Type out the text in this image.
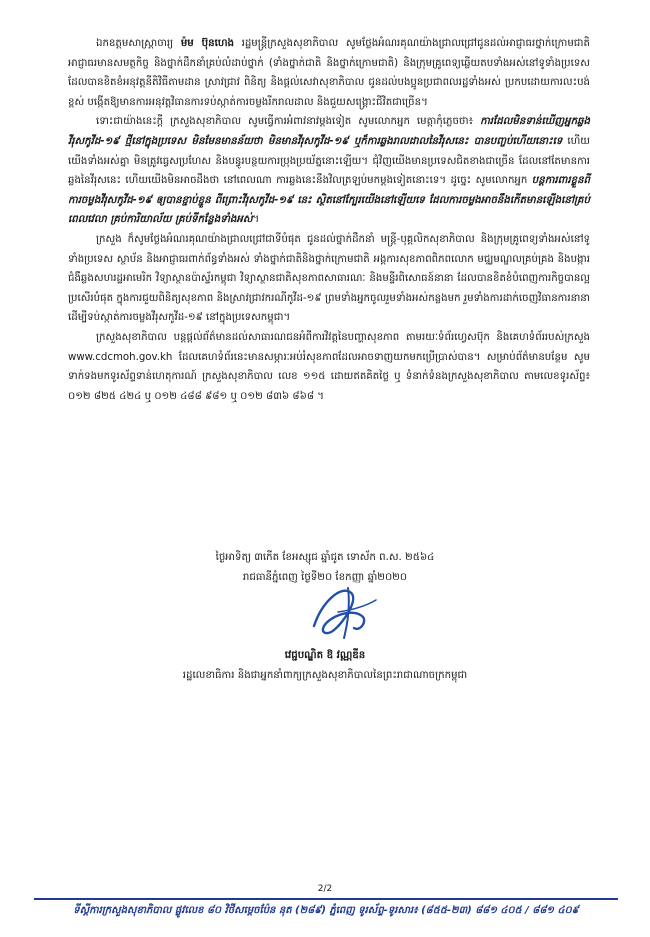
ឯកឧត្តមសាស្ត្រាចារ្យ ម៉ម ប៊ុនហេង រដ្ឋមន្ត្រីក្រសួងសុខាភិបាល សូមថ្លែងអំណរគុណយ៉ាងជ្រាលជ្រៅជូនដល់អាជ្ញាធរថ្នាក់ក្រោមជាតិ អាជ្ញាធរមានសមត្ថកិច្ច និងថ្នាក់ដឹកនាំគ្រប់លំដាប់ថ្នាក់ (ទាំងថ្នាក់ជាតិ និងថ្នាក់ក្រោមជាតិ) និងក្រុមគ្រូពេទ្យឆ្លើយតបទាំងអស់នៅទូទាំងប្រទេស ដែលបានខិតខំអនុវត្តនីតិវិធីតាមដាន ស្រាវជ្រាវ ពិនិត្យ និងផ្តល់សេវាសុខាភិបាល ជូនដល់បងប្អូនប្រជាពលរដ្ឋទាំងអស់ ប្រកបដោយការលះបង់ខ្ពស់ បង្កើតឱ្យមានការអនុវត្តវិធានការទប់ស្កាត់ការចម្លងរីករាលដាល និងជួយសង្គ្រោះជីវិតជាច្រើន។

ទោះជាយ៉ាងនេះក្តី ក្រសួងសុខាភិបាល សូមធ្វើការអំពាវនាវម្តងទៀត សូមលោកអ្នក មេត្តាកុំភ្លេចថា៖ ការដែលមិនទាន់ឃើញអ្នកឆ្លងវីរុសកូវីដ-១៩ ថ្មីនៅក្នុងប្រទេស មិនមែនមានន័យថា មិនមានវីរុសកូវីដ-១៩ ឬក៏ការឆ្លងរាលដាលនៃវីរុសនេះ បានបញ្ចប់ហើយនោះទេ ហើយយើងទាំងអស់គ្នា មិនត្រូវធ្វេសប្រហែស និងបន្ធូរបន្ថយការប្រុងប្រយ័ត្ននោះឡើយ។ ជុំវិញយើងមានប្រទេសជិតខាងជាច្រើន ដែលនៅតែមានការឆ្លងនៃវីរុសនេះ ហើយយើងមិនអាចដឹងថា នៅពេលណា ការឆ្លងនេះនឹងវិលត្រឡប់មកម្តងទៀតនោះទេ។ ដូច្នេះ សូមលោកអ្នក បន្តការពារខ្លួនពីការចម្លងវីរុសកូវីដ-១៩ ឲ្យបានខ្ជាប់ខ្ជួន ពីព្រោះវីរុសកូវីដ-១៩ នេះ ស្ថិតនៅក្បែរយើងនៅឡើយទេ ដែលការចម្លងអាចនឹងកើតមានឡើងនៅគ្រប់ពេលវេលា គ្រប់ការិយាល័យ គ្រប់ទីកន្លែងទាំងអស់។

ក្រសួង ក៏សូមថ្លែងអំណរគុណយ៉ាងជ្រាលជ្រៅជាទីបំផុត ជូនដល់ថ្នាក់ដឹកនាំ មន្ត្រី-បុគ្គលិកសុខាភិបាល និងក្រុមគ្រូពេទ្យទាំងអស់នៅទូទាំងប្រទេស ស្ថាប័ន និងអាជ្ញាធរពាក់ព័ន្ធទាំងអស់ ទាំងថ្នាក់ជាតិនិងថ្នាក់ក្រោមជាតិ អង្គការសុខភាពពិភពលោក មជ្ឈមណ្ឌលគ្រប់គ្រង និងបង្ការជំងឺឆ្លងសហរដ្ឋអាមេរិក វិទ្យាស្ថានប៉ាស្ទ័រកម្ពុជា វិទ្យាស្ថានជាតិសុខភាពសាធារណៈ និងមន្ទីរពិសោធន៍នានា ដែលបានខិតខំបំពេញការកិច្ចបានល្អប្រសើរបំផុត ក្នុងការជួយពិនិត្យសុខភាព និងស្រាវជ្រាវករណីកូវីដ-១៩ ព្រមទាំងអ្នកចូលរួមទាំងអស់កន្លងមក រួមទាំងការដាក់ចេញវិធានការនានា ដើម្បីទប់ស្កាត់ការចម្លងវីរុសកូវីដ-១៩ នៅក្នុងប្រទេសកម្ពុជា។

ក្រសួងសុខាភិបាល បន្តផ្តល់ព័ត៌មានដល់សាធារណជនអំពីការវិវត្តនៃបញ្ហាសុខភាព តាមរយៈទំព័រហ្វេសប៊ុក និងគេហទំព័ររបស់ក្រសួង www.cdcmoh.gov.kh ដែលគេហទំព័រនេះមានសម្ភារៈអប់រំសុខភាពដែលអាចទាញយកមកប្រើប្រាស់បាន។ សម្រាប់ព័ត៌មានបន្ថែម សូមទាក់ទងមកទូរស័ព្ទទាន់ហេតុការណ៍ ក្រសួងសុខាភិបាល លេខ ១១៥ ដោយឥតគិតថ្លៃ ឬ ទំនាក់ទំនងក្រសួងសុខាភិបាល តាមលេខទូរស័ព្ទ៖ ០១២ ៨២៥ ៤២៤ ឬ ០១២ ៤៨៨ ៩៨១ ឬ ០១២ ៨៣៦ ៨៦៨ ។

ថ្ងៃអាទិត្យ ៣កើត ខែអស្សុជ ឆ្នាំជូត ទោស័ក ព.ស. ២៥៦៤
រាជធានីភ្នំពេញ ថ្ងៃទី២០ ខែកញ្ញា ឆ្នាំ២០២០
វេជ្ជបណ្ឌិត ឱ វណ្ណឌីន
រដ្ឋលេខាធិការ និងជាអ្នកនាំពាក្យក្រសួងសុខាភិបាលនៃព្រះរាជាណាចក្រកម្ពុជា
2/2
ទីស្តីការក្រសួងសុខាភិបាល ផ្លូវលេខ ៨០ វិថីសម្តេចប៉ែន នុត (២៨៩) ភ្នំពេញ ទូរស័ព្ទ-ទូរសារ៖ (៨៥៥-២៣) ៨៨១ ៤០៥ / ៨៨១ ៤០៩
